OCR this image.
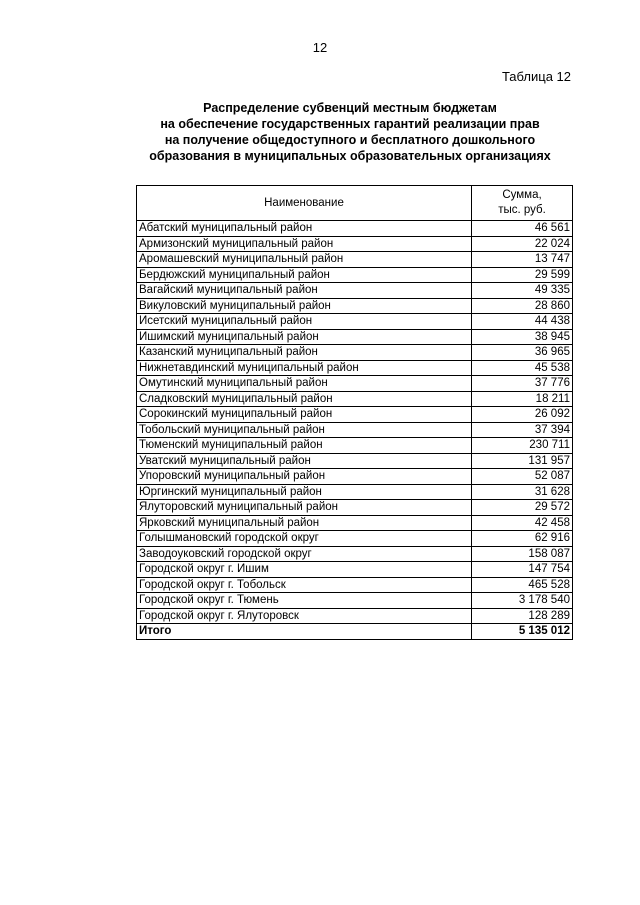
12
Таблица 12
Распределение субвенций местным бюджетам
на обеспечение государственных гарантий реализации прав
на получение общедоступного и бесплатного дошкольного
образования в муниципальных образовательных организациях
Наименование	Сумма,
тыс. руб.
Абатский муниципальный район	46 561
Армизонский муниципальный район	22 024
Аромашевский муниципальный район	13 747
Бердюжский муниципальный район	29 599
Вагайский муниципальный район	49 335
Викуловский муниципальный район	28 860
Исетский муниципальный район	44 438
Ишимский муниципальный район	38 945
Казанский муниципальный район	36 965
Нижнетавдинский муниципальный район	45 538
Омутинский муниципальный район	37 776
Сладковский муниципальный район	18 211
Сорокинский муниципальный район	26 092
Тобольский муниципальный район	37 394
Тюменский муниципальный район	230 711
Уватский муниципальный район	131 957
Упоровский муниципальный район	52 087
Юргинский муниципальный район	31 628
Ялуторовский муниципальный район	29 572
Ярковский муниципальный район	42 458
Голышмановский городской округ	62 916
Заводоуковский городской округ	158 087
Городской округ г. Ишим	147 754
Городской округ г. Тобольск	465 528
Городской округ г. Тюмень	3 178 540
Городской округ г. Ялуторовск	128 289
Итого	5 135 012
